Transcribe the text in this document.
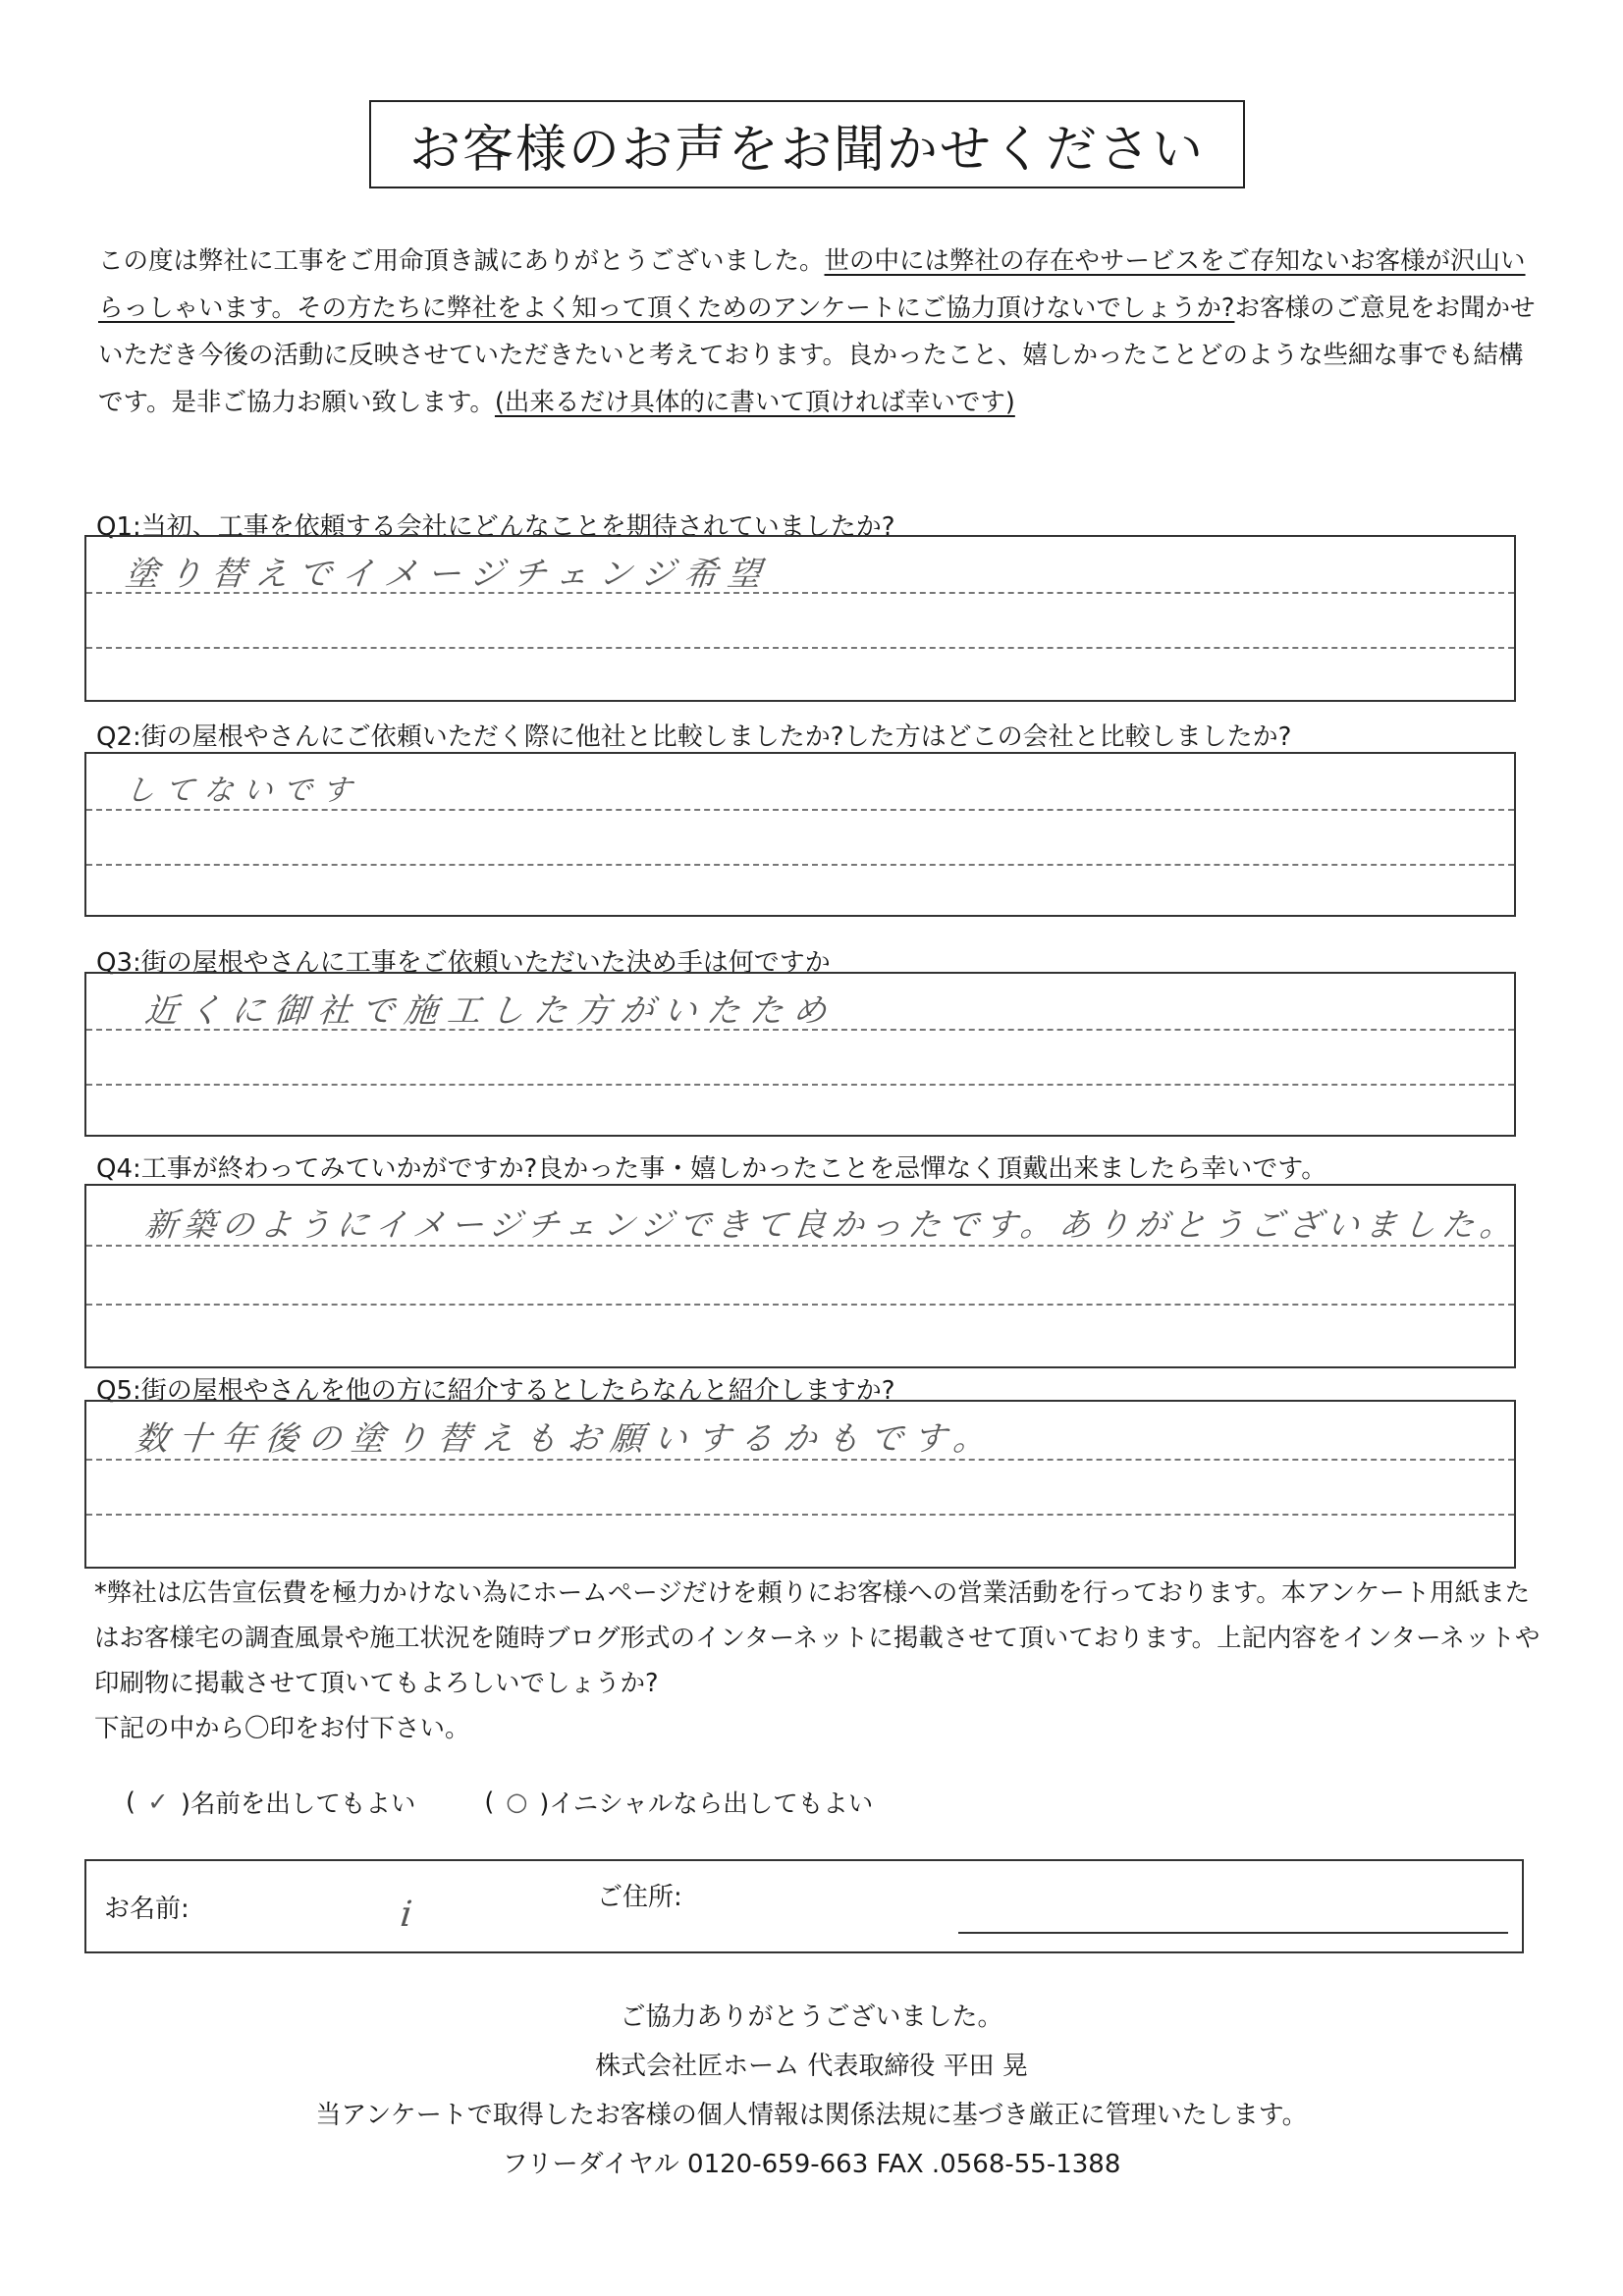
お客様のお声をお聞かせください

この度は弊社に工事をご用命頂き誠にありがとうございました。世の中には弊社の存在やサービスをご存知ないお客様が沢山いらっしゃいます。その方たちに弊社をよく知って頂くためのアンケートにご協力頂けないでしょうか?お客様のご意見をお聞かせいただき今後の活動に反映させていただきたいと考えております。良かったこと、嬉しかったことどのような些細な事でも結構です。是非ご協力お願い致します。(出来るだけ具体的に書いて頂ければ幸いです)

Q1:当初、工事を依頼する会社にどんなことを期待されていましたか?
塗り替えでイメージチェンジ希望
Q2:街の屋根やさんにご依頼いただく際に他社と比較しましたか?した方はどこの会社と比較しましたか?
してないです
Q3:街の屋根やさんに工事をご依頼いただいた決め手は何ですか
近くに御社で施工した方がいたため
Q4:工事が終わってみていかがですか?良かった事・嬉しかったことを忌憚なく頂戴出来ましたら幸いです。
新築のようにイメージチェンジできて良かったです。ありがとうございました。
Q5:街の屋根やさんを他の方に紹介するとしたらなんと紹介しますか?
数十年後の塗り替えもお願いするかもです。

*弊社は広告宣伝費を極力かけない為にホームページだけを頼りにお客様への営業活動を行っております。本アンケート用紙またはお客様宅の調査風景や施工状況を随時ブログ形式のインターネットに掲載させて頂いております。上記内容をインターネットや印刷物に掲載させて頂いてもよろしいでしょうか?

下記の中から〇印をお付下さい。

( ✓ )名前を出してもよい	( ○ )イニシャルなら出してもよい
お名前:	i	ご住所:
ご協力ありがとうございました。
株式会社匠ホーム 代表取締役 平田 晃
当アンケートで取得したお客様の個人情報は関係法規に基づき厳正に管理いたします。
フリーダイヤル 0120-659-663 FAX .0568-55-1388
